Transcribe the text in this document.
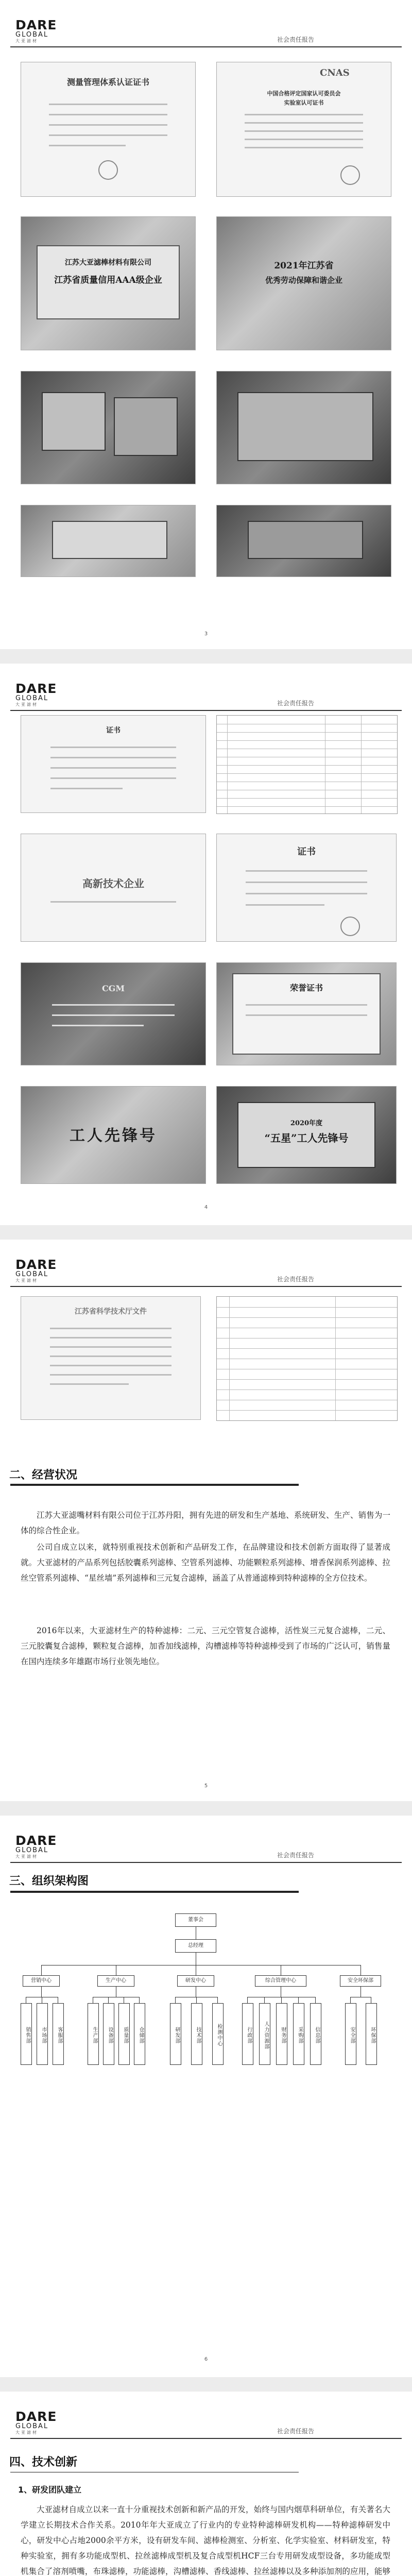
DARE
GLOBAL
大亚滤材	社会责任报告
测量管理体系认证证书
CNAS
中国合格评定国家认可委员会
实验室认可证书
江苏大亚滤棒材料有限公司
江苏省质量信用AAA级企业
2021年江苏省
优秀劳动保障和谐企业
3
DARE
GLOBAL
大亚滤材	社会责任报告
证书
高新技术企业
证书
CGM	荣誉证书
工人先锋号
2020年度
“五星”工人先锋号
4
DARE
GLOBAL
大亚滤材	社会责任报告
江苏省科学技术厅文件
二、经营状况
江苏大亚滤嘴材料有限公司位于江苏丹阳，拥有先进的研发和生产基地、系统研发、生产、销售为一体的综合性企业。
公司自成立以来，就特别重视技术创新和产品研发工作，在品牌建设和技术创新方面取得了显著成就。大亚滤材的产品系列包括胶囊系列滤棒、空管系列滤棒、功能颗粒系列滤棒、增香保润系列滤棒、拉丝空管系列滤棒、“星丝墙”系列滤棒和三元复合滤棒，涵盖了从普通滤棒到特种滤棒的全方位技术。
2016年以来，大亚滤材生产的特种滤棒：二元、三元空管复合滤棒，活性炭三元复合滤棒，二元、三元胶囊复合滤棒，颗粒复合滤棒，加香加线滤棒，沟槽滤棒等特种滤棒受到了市场的广泛认可，销售量在国内连续多年雄踞市场行业领先地位。
5
DARE
GLOBAL
大亚滤材	社会责任报告
三、组织架构图
董事会
总经理
营销中心	生产中心	研发中心	综合管理中心	安全环保部
销售部	市场部	客服部	生产部	设备部	质量部	仓储部	研发部	技术部	检测中心	行政部	人力资源部	财务部	采购部	信息部	安全部	环保部
6
DARE
GLOBAL
大亚滤材	社会责任报告
四、技术创新
1、研发团队建立
大亚滤材自成立以来一直十分重视技术创新和新产品的开发，始终与国内烟草科研单位，有关著名大学建立长期技术合作关系。2010年年大亚成立了行业内的专业特种滤棒研发机构——特种滤棒研发中心，研发中心占地2000余平方米，设有研发车间、滤棒检测室、分析室、化学实验室、材料研发室，特种实验室，拥有多功能成型机、拉丝滤棒成型机及复合成型机HCF三台专用研发成型设备，多功能成型机集合了溶剂喷嘴，布珠滤棒，功能滤棒，沟槽滤棒、香线滤棒、拉丝滤棒以及多种添加剂的应用，能够
